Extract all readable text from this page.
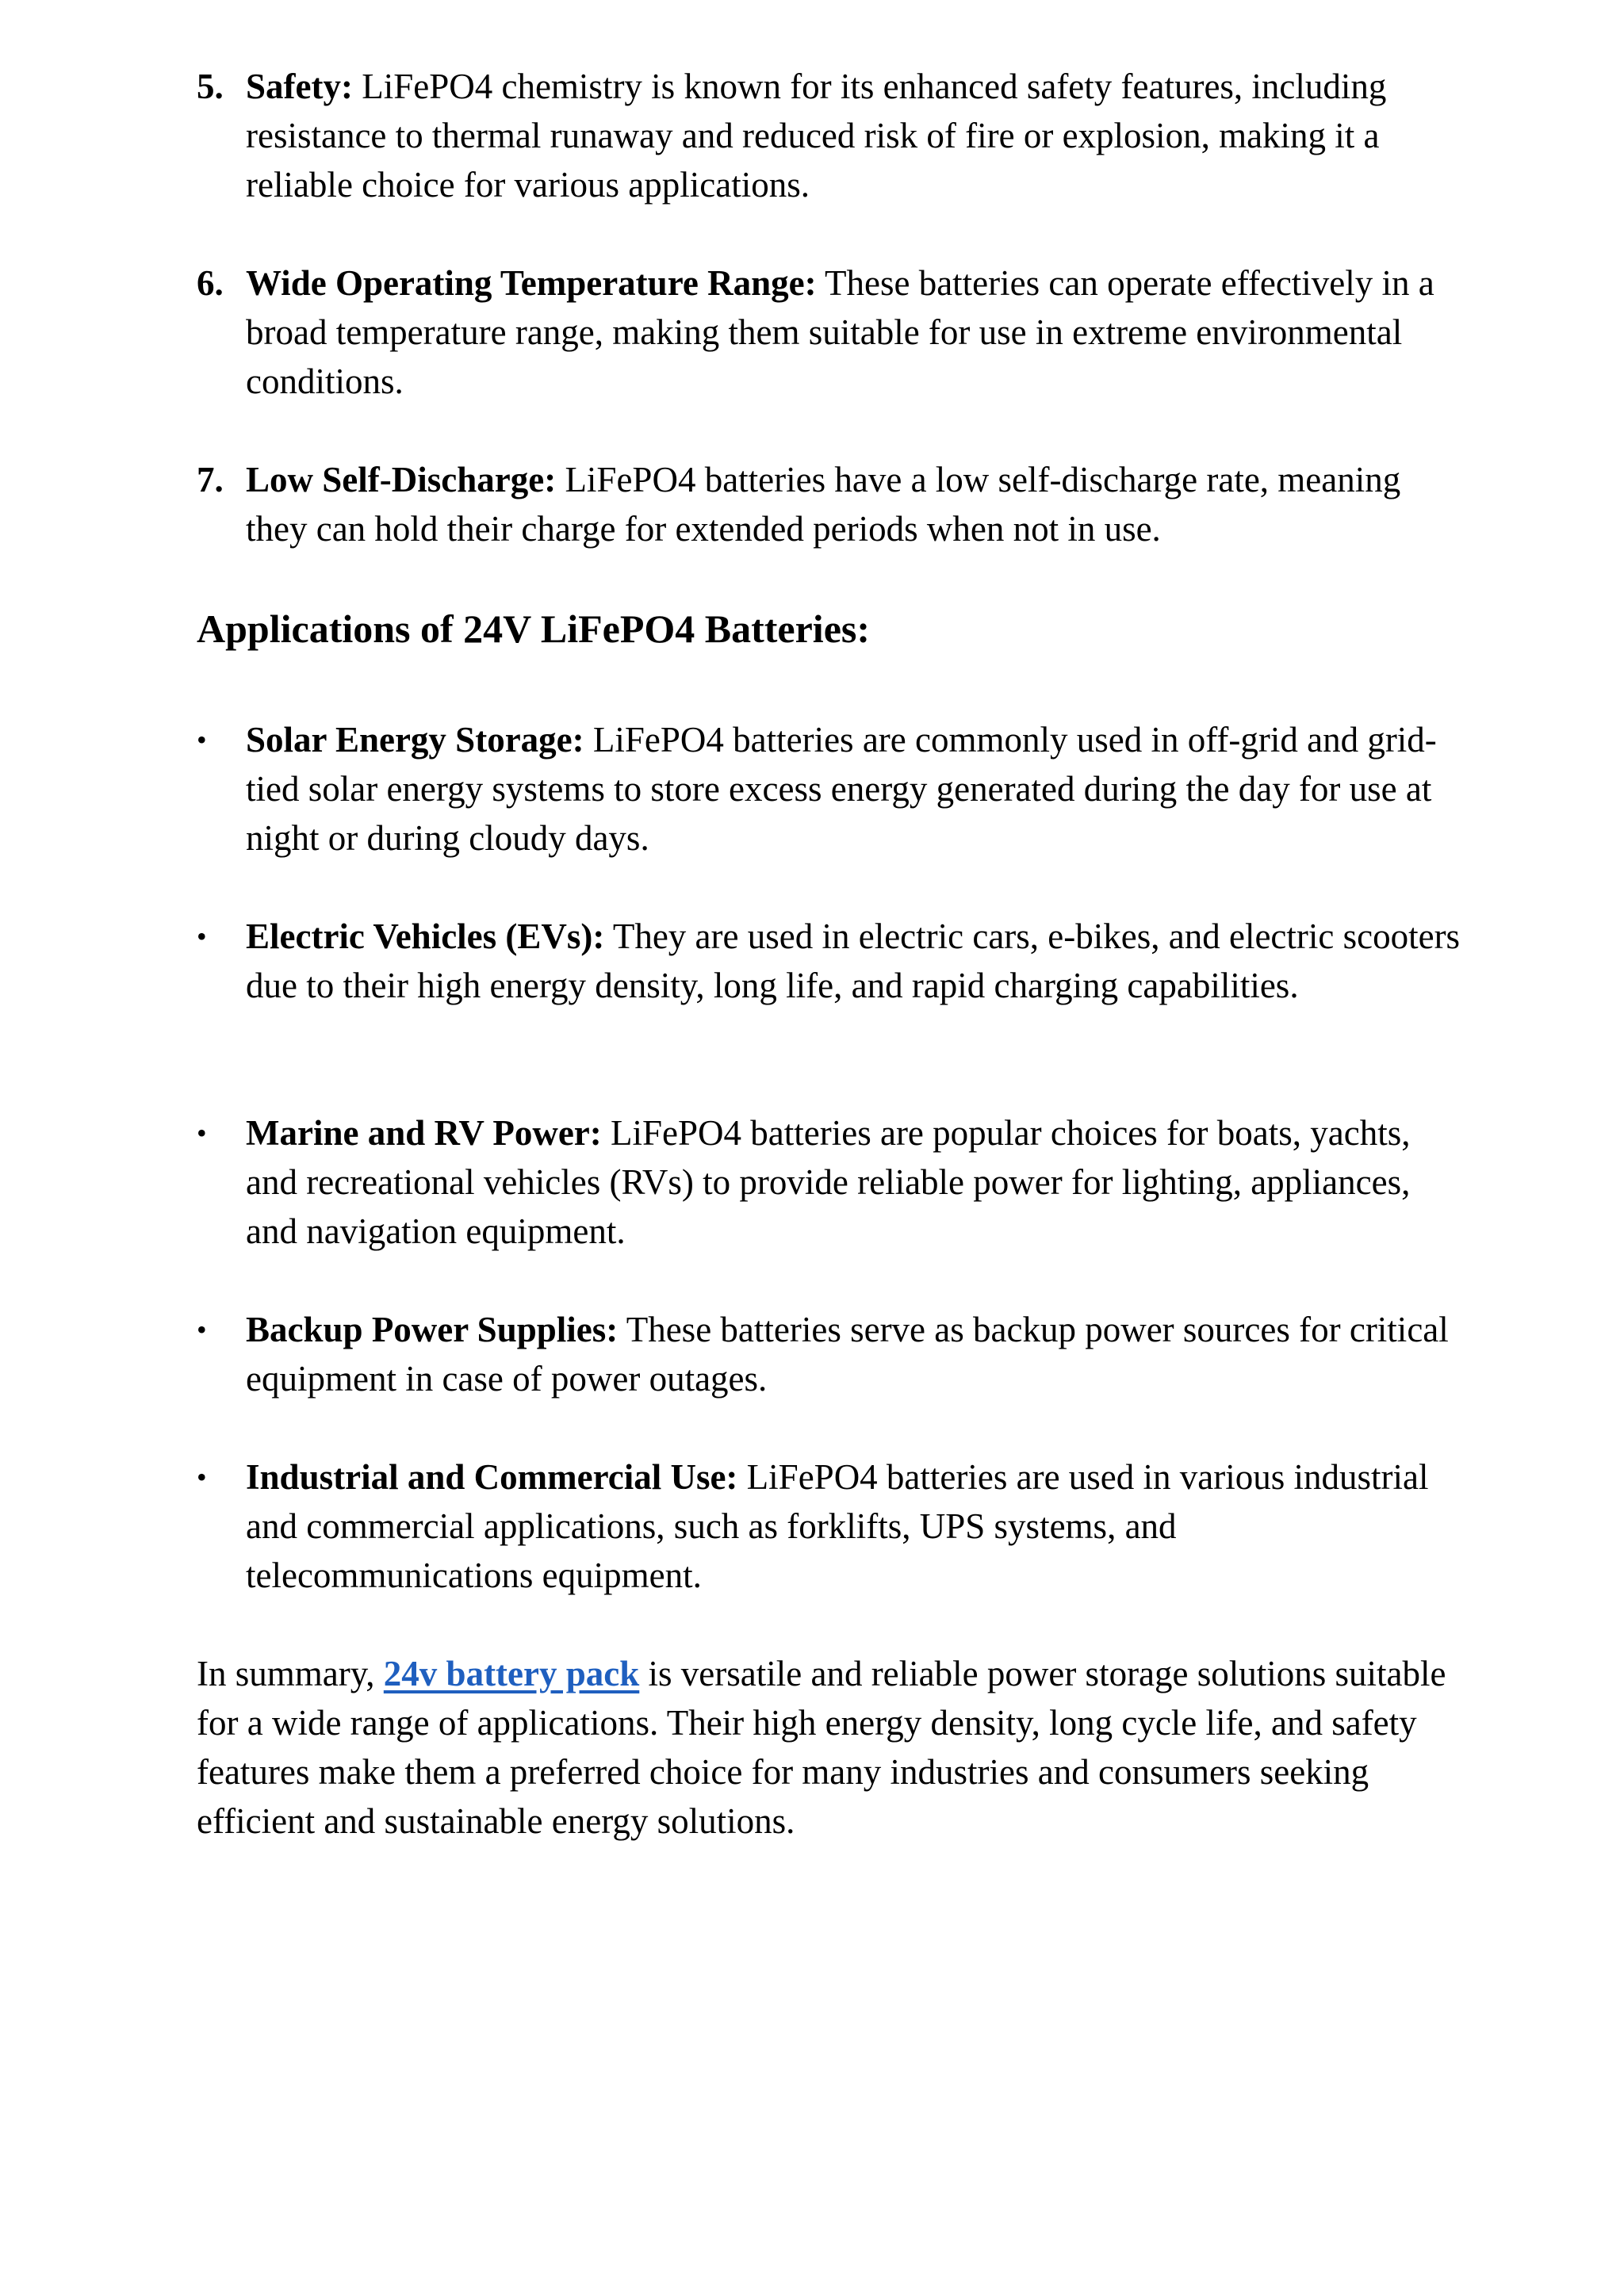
5. Safety: LiFePO4 chemistry is known for its enhanced safety features, including resistance to thermal runaway and reduced risk of fire or explosion, making it a reliable choice for various applications.
6. Wide Operating Temperature Range: These batteries can operate effectively in a broad temperature range, making them suitable for use in extreme environmental conditions.
7. Low Self-Discharge: LiFePO4 batteries have a low self-discharge rate, meaning they can hold their charge for extended periods when not in use.
Applications of 24V LiFePO4 Batteries:
• Solar Energy Storage: LiFePO4 batteries are commonly used in off-grid and grid-tied solar energy systems to store excess energy generated during the day for use at night or during cloudy days.
• Electric Vehicles (EVs): They are used in electric cars, e-bikes, and electric scooters due to their high energy density, long life, and rapid charging capabilities.
• Marine and RV Power: LiFePO4 batteries are popular choices for boats, yachts, and recreational vehicles (RVs) to provide reliable power for lighting, appliances, and navigation equipment.
• Backup Power Supplies: These batteries serve as backup power sources for critical equipment in case of power outages.
• Industrial and Commercial Use: LiFePO4 batteries are used in various industrial and commercial applications, such as forklifts, UPS systems, and telecommunications equipment.
In summary, 24v battery pack is versatile and reliable power storage solutions suitable for a wide range of applications. Their high energy density, long cycle life, and safety features make them a preferred choice for many industries and consumers seeking efficient and sustainable energy solutions.
